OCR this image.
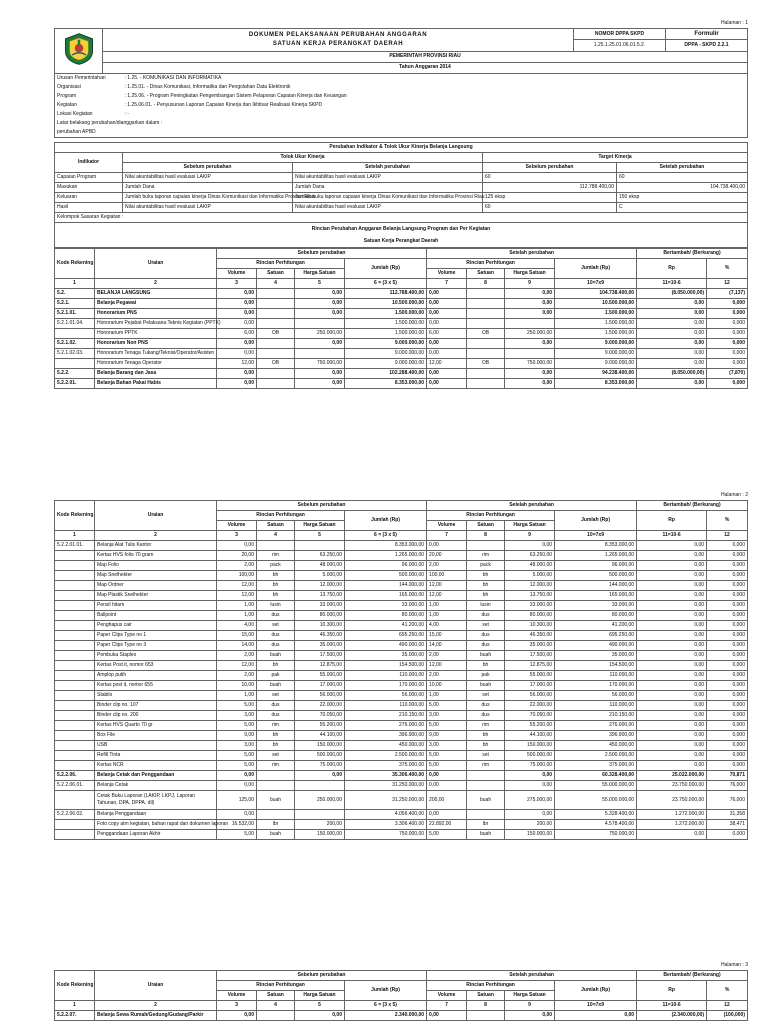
Halaman : 1

DOKUMEN PELAKSANAAN PERUBAHAN ANGGARAN
SATUAN KERJA PERANGKAT DAERAH	NOMOR DPPA SKPD	Formulir
		1.25.1.25.01.06.01.5.2.	DPPA - SKPD 2.2.1
	PEMERINTAH PROVINSI RIAU		
	Tahun Anggaran 2014		
Urusan Pemerintahan	: 1.25. - KOMUNIKASI DAN INFORMATIKA
Organisasi	: 1.25.01. - Dinas Komunikasi, Informatika dan Pengolahan Data Elektronik
Program	: 1.25.06. - Program Peningkatan Pengembangan Sistem Pelaporan Capaian Kinerja dan Keuangan
Kegiatan	: 1.25.06.01. - Penyusunan Laporan Capaian Kinerja dan Ikhtisar Realisasi Kinerja SKPD
Lokasi Kegiatan	: -
Latar belakang perubahan/dianggarkan dalam :	
perubahan APBD	
Perubahan Indikator & Tolok Ukur Kinerja Belanja Langsung				
Indikator	Tolok Ukur Kinerja		Target Kinerja	
	Sebelum perubahan	Setelah perubahan	Sebelum perubahan	Setelah perubahan
Capaian Program	Nilai akuntabilitas hasil evaluasi LAKIP	Nilai akuntabilitas hasil evaluasi LAKIP	60	60
Masukan	Jumlah Dana	Jumlah Dana	112.788.400,00	104.738.400,00
Keluaran	Jumlah buku laporan capaian kinerja Dinas Komunikasi dan Informatika Provinsi Riau	Jumlah buku laporan capaian kinerja Dinas Komunikasi dan Informatika Provinsi Riau	125 eksp	150 eksp
Hasil	Nilai akuntabilitas hasil evaluasi LAKIP	Nilai akuntabilitas hasil evaluasi LAKIP	60	C
Kelompok Sasaran Kegiatan :				
Rincian Perubahan Anggaran Belanja Langsung Program dan Per Kegiatan
Satuan Kerja Perangkat Daerah
Kode Rekening	Uraian	Sebelum perubahan				Setelah perubahan				Bertambah/ (Berkurang)	
		Rincian Perhitungan			Jumlah (Rp)	Rincian Perhitungan			Jumlah (Rp)	Rp	%
		Volume	Satuan	Harga Satuan		Volume	Satuan	Harga Satuan			
1	2	3	4	5	6 = (3 x 5)	7	8	9	10=7x9	11=10-6	12
5.2.	BELANJA LANGSUNG	0,00		0,00	112.788.400,00	0,00		0,00	104.738.400,00	(8.050.000,00)	(7,137)
5.2.1.	Belanja Pegawai	0,00		0,00	10.500.000,00	0,00		0,00	10.500.000,00	0,00	0,000
5.2.1.01.	Honorarium PNS	0,00		0,00	1.500.000,00	0,00		0,00	1.500.000,00	0,00	0,000
5.2.1.01.04.	Honorarium Pejabat Pelaksana Teknis Kegiatan (PPTK)	0,00			1.500.000,00	0,00			1.500.000,00	0,00	0,000
	Honorarium PPTK	6,00	OB	250.000,00	1.500.000,00	6,00	OB	250.000,00	1.500.000,00	0,00	0,000
5.2.1.02.	Honorarium Non PNS	0,00		0,00	9.000.000,00	0,00		0,00	9.000.000,00	0,00	0,000
5.2.1.02.03.	Honorarium Tenaga Tukang/Teknisi/Operator/Asisten	0,00			9.000.000,00	0,00			9.000.000,00	0,00	0,000
	Honorarium Tenaga Operator	12,00	OB	750.000,00	9.000.000,00	12,00	OB	750.000,00	9.000.000,00	0,00	0,000
5.2.2.	Belanja Barang dan Jasa	0,00		0,00	102.288.400,00	0,00		0,00	94.238.400,00	(8.050.000,00)	(7,870)
5.2.2.01.	Belanja Bahan Pakai Habis	0,00		0,00	8.353.000,00	0,00		0,00	8.353.000,00	0,00	0,000
Halaman : 2
Kode Rekening	Uraian	Sebelum perubahan				Setelah perubahan				Bertambah/ (Berkurang)	
		Rincian Perhitungan			Jumlah (Rp)	Rincian Perhitungan			Jumlah (Rp)	Rp	%
		Volume	Satuan	Harga Satuan		Volume	Satuan	Harga Satuan			
1	2	3	4	5	6 = (3 x 5)	7	8	9	10=7x9	11=10-6	12
5.2.2.01.01.	Belanja Alat Tulis Kantor	0,00			8.353.000,00	0,00		0,00	8.353.000,00	0,00	0,000
	Kertas HVS folio 70 gram	20,00	rim	63.250,00	1.265.000,00	20,00	rim	63.250,00	1.265.000,00	0,00	0,000
	Map Folio	2,00	pack	48.000,00	96.000,00	2,00	pack	48.000,00	96.000,00	0,00	0,000
	Map Snelhekter	100,00	bh	5.000,00	500.000,00	100,00	bh	5.000,00	500.000,00	0,00	0,000
	Map Ordner	12,00	bh	12.000,00	144.000,00	12,00	bh	12.000,00	144.000,00	0,00	0,000
	Map Plastik Snelhekter	12,00	bh	13.750,00	165.000,00	12,00	bh	13.750,00	165.000,00	0,00	0,000
	Pensil hitam	1,00	lusin	33.000,00	33.000,00	1,00	lusin	33.000,00	33.000,00	0,00	0,000
	Ballpoint	1,00	dus	80.000,00	80.000,00	1,00	dus	80.000,00	80.000,00	0,00	0,000
	Penghapus cair	4,00	set	10.300,00	41.200,00	4,00	set	10.300,00	41.200,00	0,00	0,000
	Paper Clips Type no 1	15,00	dus	46.350,00	695.250,00	15,00	dus	46.350,00	695.250,00	0,00	0,000
	Paper Clips Type no 3	14,00	dus	35.000,00	490.000,00	14,00	dus	35.000,00	490.000,00	0,00	0,000
	Pembuka Staples	2,00	buah	17.500,00	35.000,00	2,00	buah	17.500,00	35.000,00	0,00	0,000
	Kertas Post it, nomor 653	12,00	bh	12.875,00	154.500,00	12,00	bh	12.875,00	154.500,00	0,00	0,000
	Amplop putih	2,00	pak	55.000,00	110.000,00	2,00	pak	55.000,00	110.000,00	0,00	0,000
	Kertas post it, nomor 655	10,00	buah	17.000,00	170.000,00	10,00	buah	17.000,00	170.000,00	0,00	0,000
	Stabilo	1,00	set	56.000,00	56.000,00	1,00	set	56.000,00	56.000,00	0,00	0,000
	Binder clip no. 107	5,00	dus	22.000,00	110.000,00	5,00	dus	22.000,00	110.000,00	0,00	0,000
	Binder clip no. 200	3,00	dus	70.050,00	210.150,00	3,00	dus	70.050,00	210.150,00	0,00	0,000
	Kertas HVS Quarto 70 gr	5,00	rim	55.200,00	276.000,00	5,00	rim	55.200,00	276.000,00	0,00	0,000
	Box File	9,00	bh	44.100,00	396.900,00	9,00	bh	44.100,00	396.900,00	0,00	0,000
	USB	3,00	bh	150.000,00	450.000,00	3,00	bh	150.000,00	450.000,00	0,00	0,000
	Refill Tinta	5,00	set	500.000,00	2.500.000,00	5,00	set	500.000,00	2.500.000,00	0,00	0,000
	Kertas NCR	5,00	rim	75.000,00	375.000,00	5,00	rim	75.000,00	375.000,00	0,00	0,000
5.2.2.06.	Belanja Cetak dan Penggandaan	0,00		0,00	35.306.400,00	0,00		0,00	60.328.400,00	25.022.000,00	70,871
5.2.2.06.01.	Belanja Cetak	0,00			31.250.000,00	0,00		0,00	55.000.000,00	23.750.000,00	76,000
	Cetak Buku Laporan (LAKIP, LKPJ, Laporan Tahunan, DPA, DPPA, dll)	125,00	buah	250.000,00	31.250.000,00	200,00	buah	275.000,00	55.000.000,00	23.750.000,00	76,000
5.2.2.06.02.	Belanja Penggandaan	0,00			4.056.400,00	0,00		0,00	5.328.400,00	1.272.000,00	31,358
	Foto copy atm kegiatan, bahan rapat dan dokumen laporan	16.532,00	lbr	200,00	3.306.400,00	22.892,00	lbr	200,00	4.578.400,00	1.272.000,00	38,471
	Penggandaan Laporan Akhir	5,00	buah	150.000,00	750.000,00	5,00	buah	150.000,00	750.000,00	0,00	0,000
Halaman : 3
Kode Rekening	Uraian	Sebelum perubahan				Setelah perubahan				Bertambah/ (Berkurang)	
		Rincian Perhitungan			Jumlah (Rp)	Rincian Perhitungan			Jumlah (Rp)	Rp	%
		Volume	Satuan	Harga Satuan		Volume	Satuan	Harga Satuan			
1	2	3	4	5	6 = (3 x 5)	7	8	9	10=7x9	11=10-6	12
5.2.2.07.	Belanja Sewa Rumah/Gedung/Gudang/Parkir	0,00		0,00	2.340.000,00	0,00		0,00	0,00	(2.340.000,00)	(100,000)
